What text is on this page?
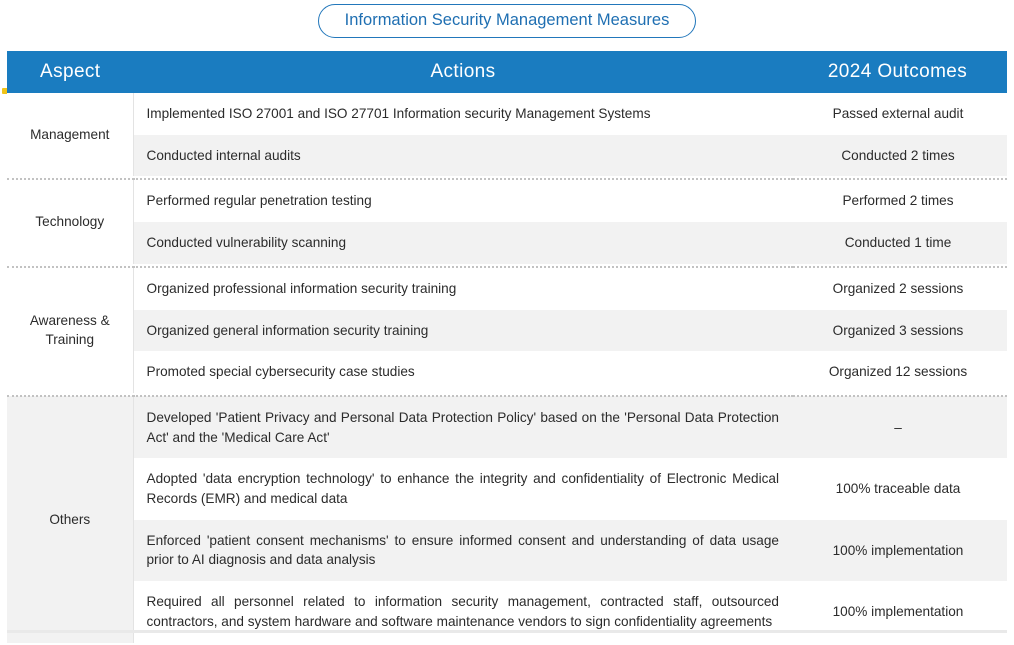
Information Security Management Measures
Aspect	Actions	2024 Outcomes
Management	Implemented ISO 27001 and ISO 27701 Information security Management Systems	Passed external audit
	Conducted internal audits	Conducted 2 times

Technology	Performed regular penetration testing	Performed 2 times
	Conducted vulnerability scanning	Conducted 1 time

Awareness &
Training	Organized professional information security training	Organized 2 sessions
	Organized general information security training	Organized 3 sessions
	Promoted special cybersecurity case studies	Organized 12 sessions

Others	Developed 'Patient Privacy and Personal Data Protection Policy' based on the 'Personal Data Protection Act' and the 'Medical Care Act'	–
	Adopted 'data encryption technology' to enhance the integrity and confidentiality of Electronic Medical Records (EMR) and medical data	100% traceable data
	Enforced 'patient consent mechanisms' to ensure informed consent and understanding of data usage prior to AI diagnosis and data analysis	100% implementation
	Required all personnel related to information security management, contracted staff, outsourced contractors, and system hardware and software maintenance vendors to sign confidentiality agreements	100% implementation
